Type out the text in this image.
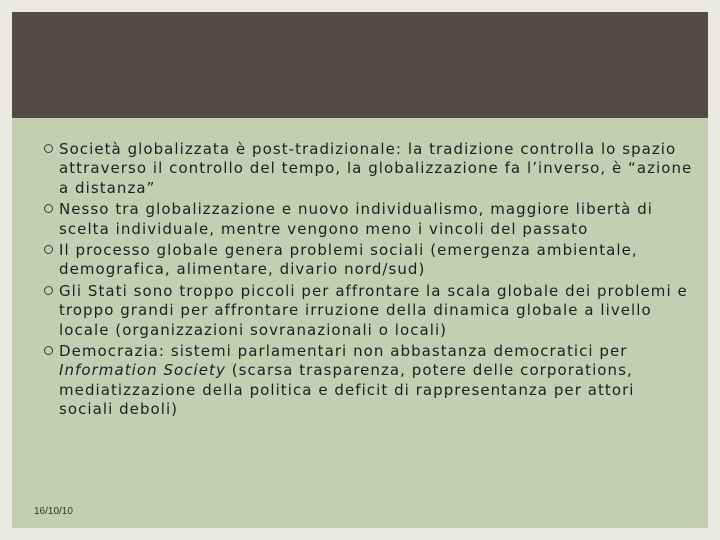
Società globalizzata è post-tradizionale: la tradizione controlla lo spazio attraverso il controllo del tempo, la globalizzazione fa l’inverso, è “azione a distanza”
Nesso tra globalizzazione e nuovo individualismo, maggiore libertà di scelta individuale, mentre vengono meno i vincoli del passato
Il processo globale genera problemi sociali (emergenza ambientale, demografica, alimentare, divario nord/sud)
Gli Stati sono troppo piccoli per affrontare la scala globale dei problemi e troppo grandi per affrontare irruzione della dinamica globale a livello locale (organizzazioni sovranazionali o locali)
Democrazia: sistemi parlamentari non abbastanza democratici per Information Society (scarsa trasparenza, potere delle corporations, mediatizzazione della politica e deficit di rappresentanza per attori sociali deboli)
16/10/10
